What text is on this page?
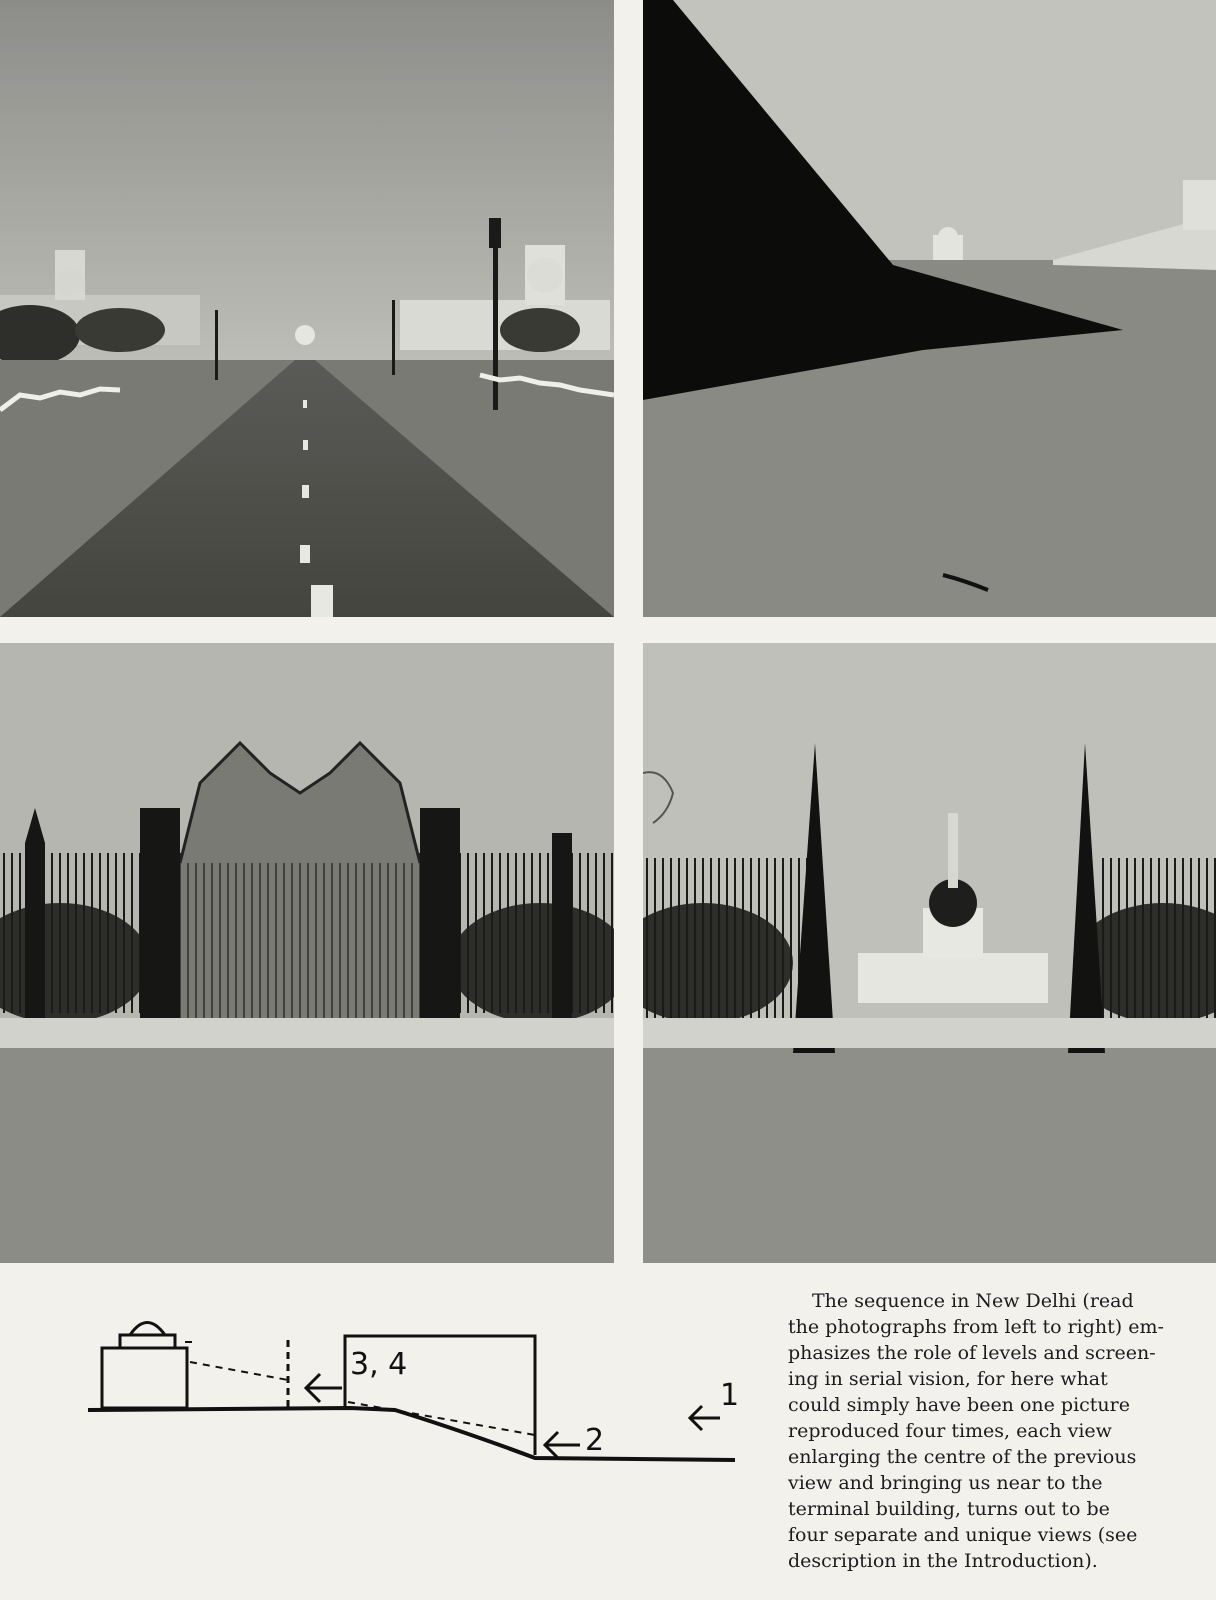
3, 4
2
1
The sequence in New Delhi (read
the photographs from left to right) em-
phasizes the role of levels and screen-
ing in serial vision, for here what
could simply have been one picture
reproduced four times, each view
enlarging the centre of the previous
view and bringing us near to the
terminal building, turns out to be
four separate and unique views (see
description in the Introduction).
